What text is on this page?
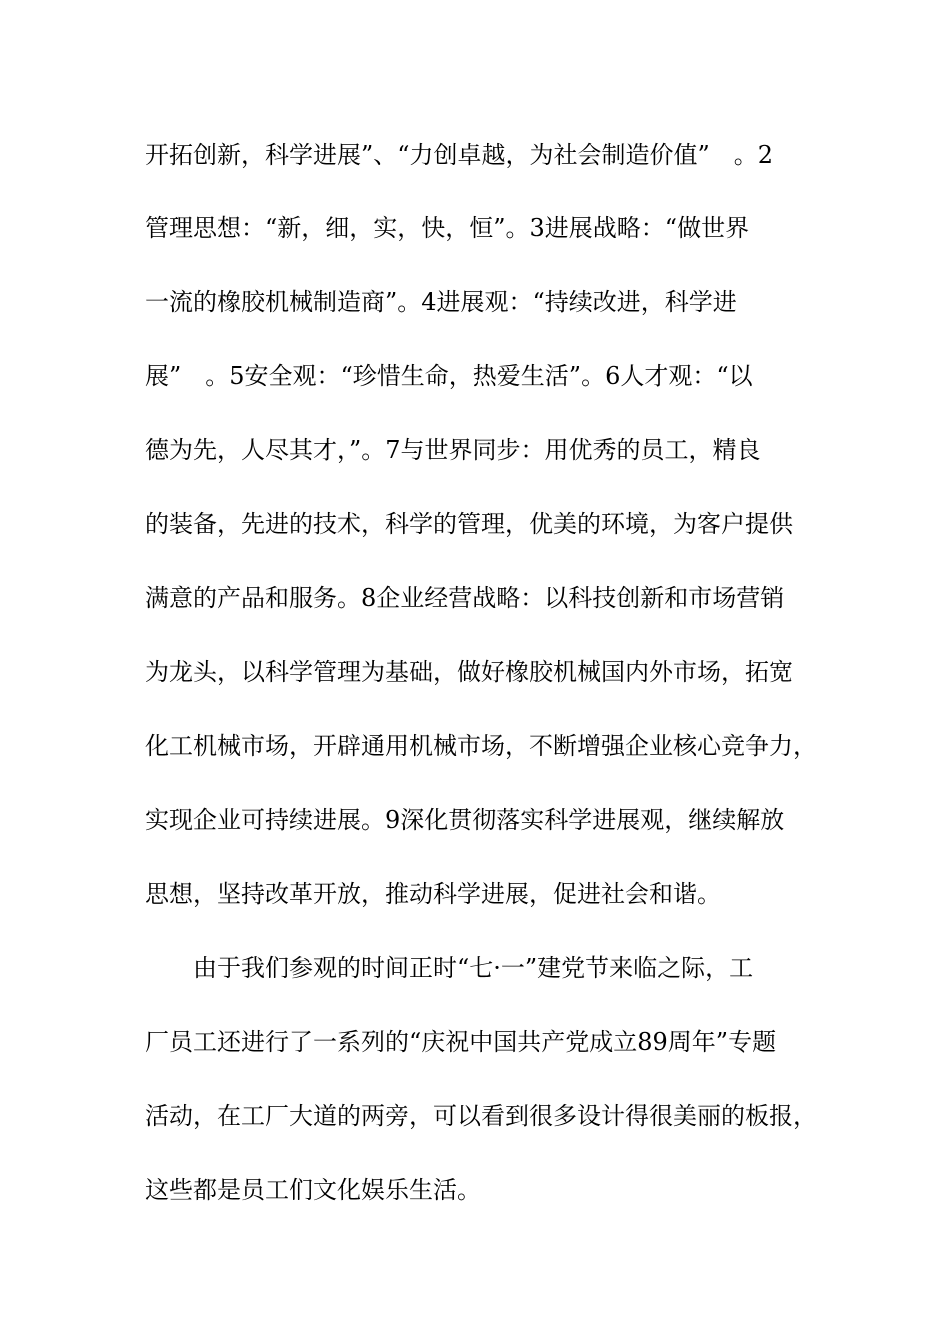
开拓创新，科学进展”、“力创卓越，为社会制造价值”　。2
管理思想：“新，细，实，快，恒”。3进展战略：“做世界
一流的橡胶机械制造商”。4进展观：“持续改进，科学进
展”　。5安全观：“珍惜生命，热爱生活”。6人才观：“以
德为先，人尽其才，”。7与世界同步：用优秀的员工，精良
的装备，先进的技术，科学的管理，优美的环境，为客户提供
满意的产品和服务。8企业经营战略：以科技创新和市场营销
为龙头，以科学管理为基础，做好橡胶机械国内外市场，拓宽
化工机械市场，开辟通用机械市场，不断增强企业核心竞争力，
实现企业可持续进展。9深化贯彻落实科学进展观，继续解放
思想，坚持改革开放，推动科学进展，促进社会和谐。
由于我们参观的时间正时“七·一”建党节来临之际，工
厂员工还进行了一系列的“庆祝中国共产党成立89周年”专题
活动，在工厂大道的两旁，可以看到很多设计得很美丽的板报，
这些都是员工们文化娱乐生活。
